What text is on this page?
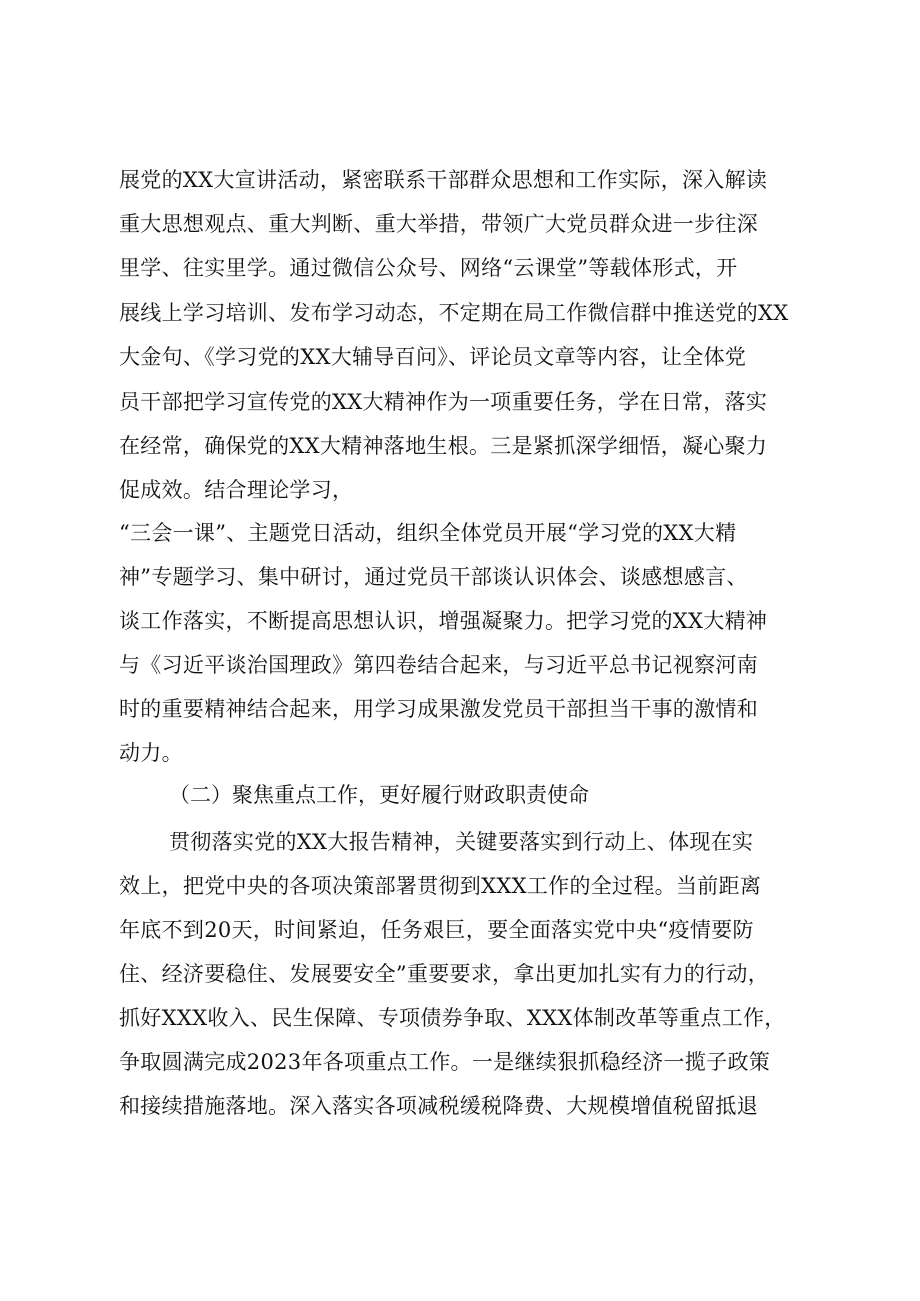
展党的XX大宣讲活动，紧密联系干部群众思想和工作实际，深入解读
重大思想观点、重大判断、重大举措，带领广大党员群众进一步往深
里学、往实里学。通过微信公众号、网络“云课堂”等载体形式，开
展线上学习培训、发布学习动态，不定期在局工作微信群中推送党的XX
大金句、《学习党的XX大辅导百问》、评论员文章等内容，让全体党
员干部把学习宣传党的XX大精神作为一项重要任务，学在日常，落实
在经常，确保党的XX大精神落地生根。三是紧抓深学细悟，凝心聚力
促成效。结合理论学习，
“三会一课”、主题党日活动，组织全体党员开展“学习党的XX大精
神”专题学习、集中研讨，通过党员干部谈认识体会、谈感想感言、
谈工作落实，不断提高思想认识，增强凝聚力。把学习党的XX大精神
与《习近平谈治国理政》第四卷结合起来，与习近平总书记视察河南
时的重要精神结合起来，用学习成果激发党员干部担当干事的激情和
动力。
（二）聚焦重点工作，更好履行财政职责使命
贯彻落实党的XX大报告精神，关键要落实到行动上、体现在实
效上，把党中央的各项决策部署贯彻到XXX工作的全过程。当前距离
年底不到20天，时间紧迫，任务艰巨，要全面落实党中央“疫情要防
住、经济要稳住、发展要安全”重要要求，拿出更加扎实有力的行动，
抓好XXX收入、民生保障、专项债券争取、XXX体制改革等重点工作，
争取圆满完成2023年各项重点工作。一是继续狠抓稳经济一揽子政策
和接续措施落地。深入落实各项减税缓税降费、大规模增值税留抵退
